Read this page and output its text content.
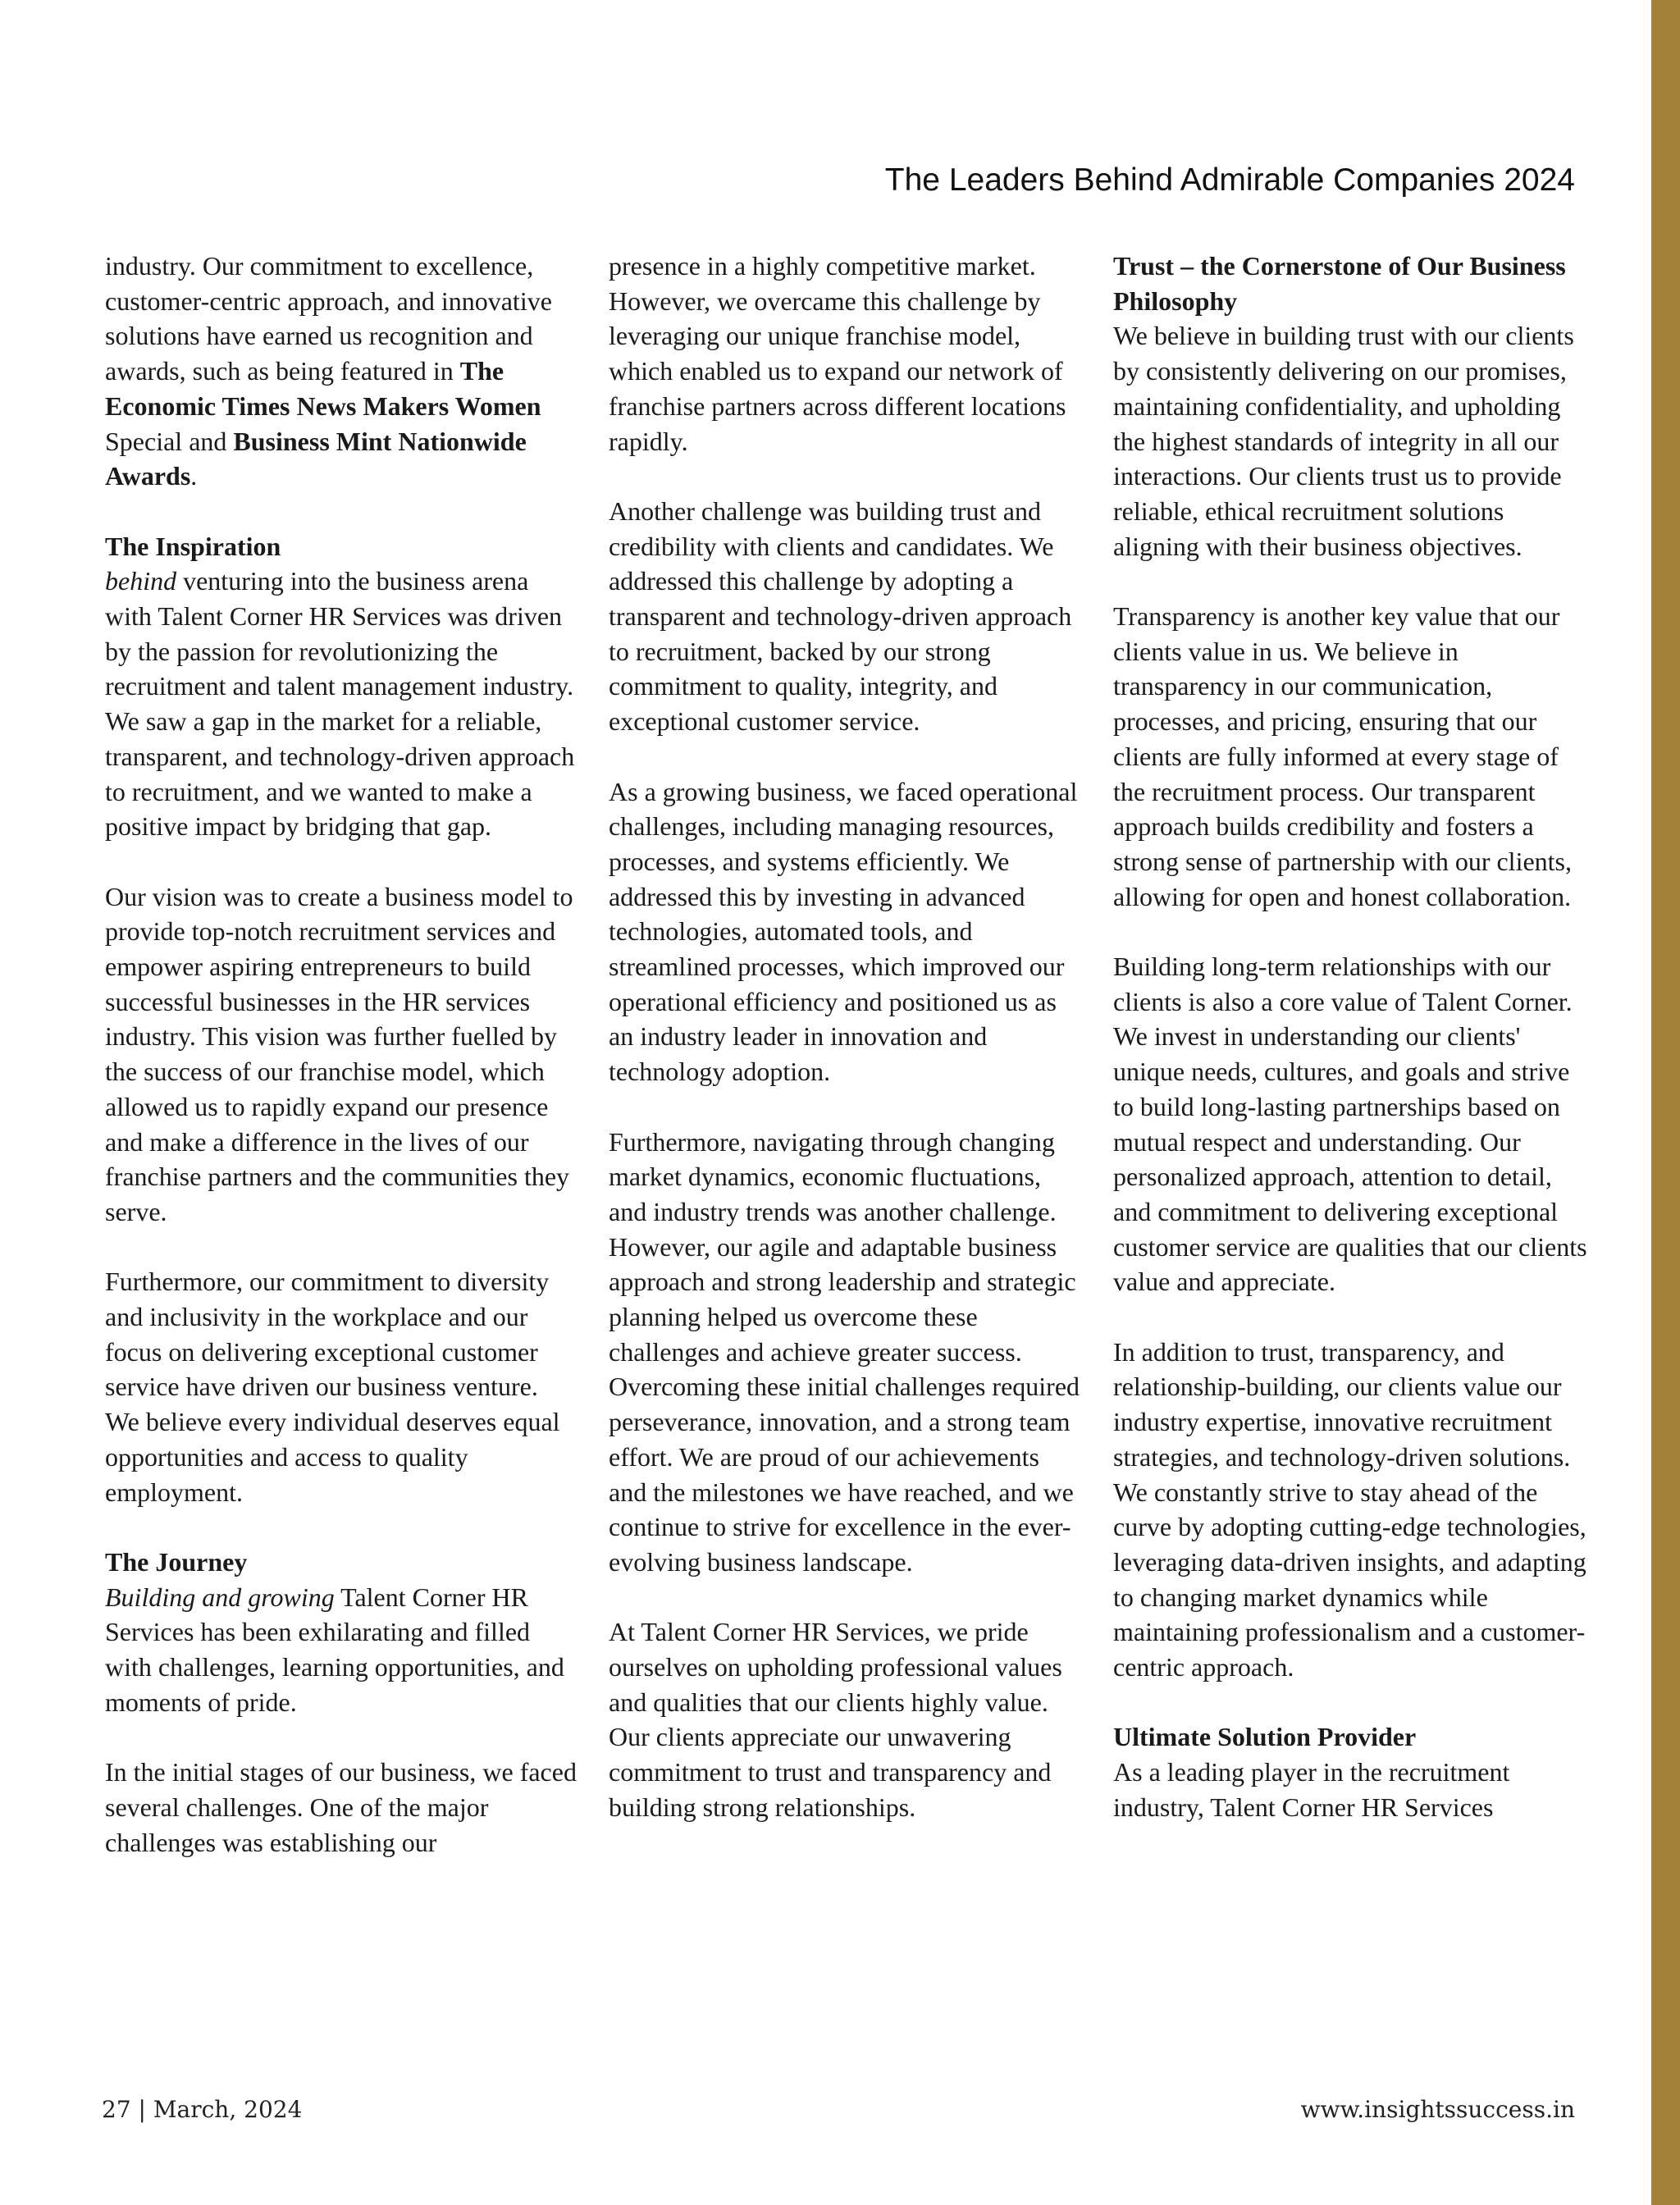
The Leaders Behind Admirable Companies 2024

industry. Our commitment to excellence, customer-centric approach, and innovative solutions have earned us recognition and awards, such as being featured in The Economic Times News Makers Women Special and Business Mint Nationwide Awards.

The Inspiration
behind venturing into the business arena with Talent Corner HR Services was driven by the passion for revolutionizing the recruitment and talent management industry. We saw a gap in the market for a reliable, transparent, and technology-driven approach to recruitment, and we wanted to make a positive impact by bridging that gap.

Our vision was to create a business model to provide top-notch recruitment services and empower aspiring entrepreneurs to build successful businesses in the HR services industry. This vision was further fuelled by the success of our franchise model, which allowed us to rapidly expand our presence and make a difference in the lives of our franchise partners and the communities they serve.

Furthermore, our commitment to diversity and inclusivity in the workplace and our focus on delivering exceptional customer service have driven our business venture. We believe every individual deserves equal opportunities and access to quality employment.

The Journey
Building and growing Talent Corner HR Services has been exhilarating and filled with challenges, learning opportunities, and moments of pride.

In the initial stages of our business, we faced several challenges. One of the major challenges was establishing our

presence in a highly competitive market. However, we overcame this challenge by leveraging our unique franchise model, which enabled us to expand our network of franchise partners across different locations rapidly.

Another challenge was building trust and credibility with clients and candidates. We addressed this challenge by adopting a transparent and technology-driven approach to recruitment, backed by our strong commitment to quality, integrity, and exceptional customer service.

As a growing business, we faced operational challenges, including managing resources, processes, and systems efficiently. We addressed this by investing in advanced technologies, automated tools, and streamlined processes, which improved our operational efficiency and positioned us as an industry leader in innovation and technology adoption.

Furthermore, navigating through changing market dynamics, economic fluctuations, and industry trends was another challenge. However, our agile and adaptable business approach and strong leadership and strategic planning helped us overcome these challenges and achieve greater success. Overcoming these initial challenges required perseverance, innovation, and a strong team effort. We are proud of our achievements and the milestones we have reached, and we continue to strive for excellence in the ever-evolving business landscape.

At Talent Corner HR Services, we pride ourselves on upholding professional values and qualities that our clients highly value. Our clients appreciate our unwavering commitment to trust and transparency and building strong relationships.

Trust – the Cornerstone of Our Business Philosophy
We believe in building trust with our clients by consistently delivering on our promises, maintaining confidentiality, and upholding the highest standards of integrity in all our interactions. Our clients trust us to provide reliable, ethical recruitment solutions aligning with their business objectives.

Transparency is another key value that our clients value in us. We believe in transparency in our communication, processes, and pricing, ensuring that our clients are fully informed at every stage of the recruitment process. Our transparent approach builds credibility and fosters a strong sense of partnership with our clients, allowing for open and honest collaboration.

Building long-term relationships with our clients is also a core value of Talent Corner. We invest in understanding our clients' unique needs, cultures, and goals and strive to build long-lasting partnerships based on mutual respect and understanding. Our personalized approach, attention to detail, and commitment to delivering exceptional customer service are qualities that our clients value and appreciate.

In addition to trust, transparency, and relationship-building, our clients value our industry expertise, innovative recruitment strategies, and technology-driven solutions. We constantly strive to stay ahead of the curve by adopting cutting-edge technologies, leveraging data-driven insights, and adapting to changing market dynamics while maintaining professionalism and a customer-centric approach.

Ultimate Solution Provider
As a leading player in the recruitment industry, Talent Corner HR Services

27 | March, 2024	www.insightssuccess.in
